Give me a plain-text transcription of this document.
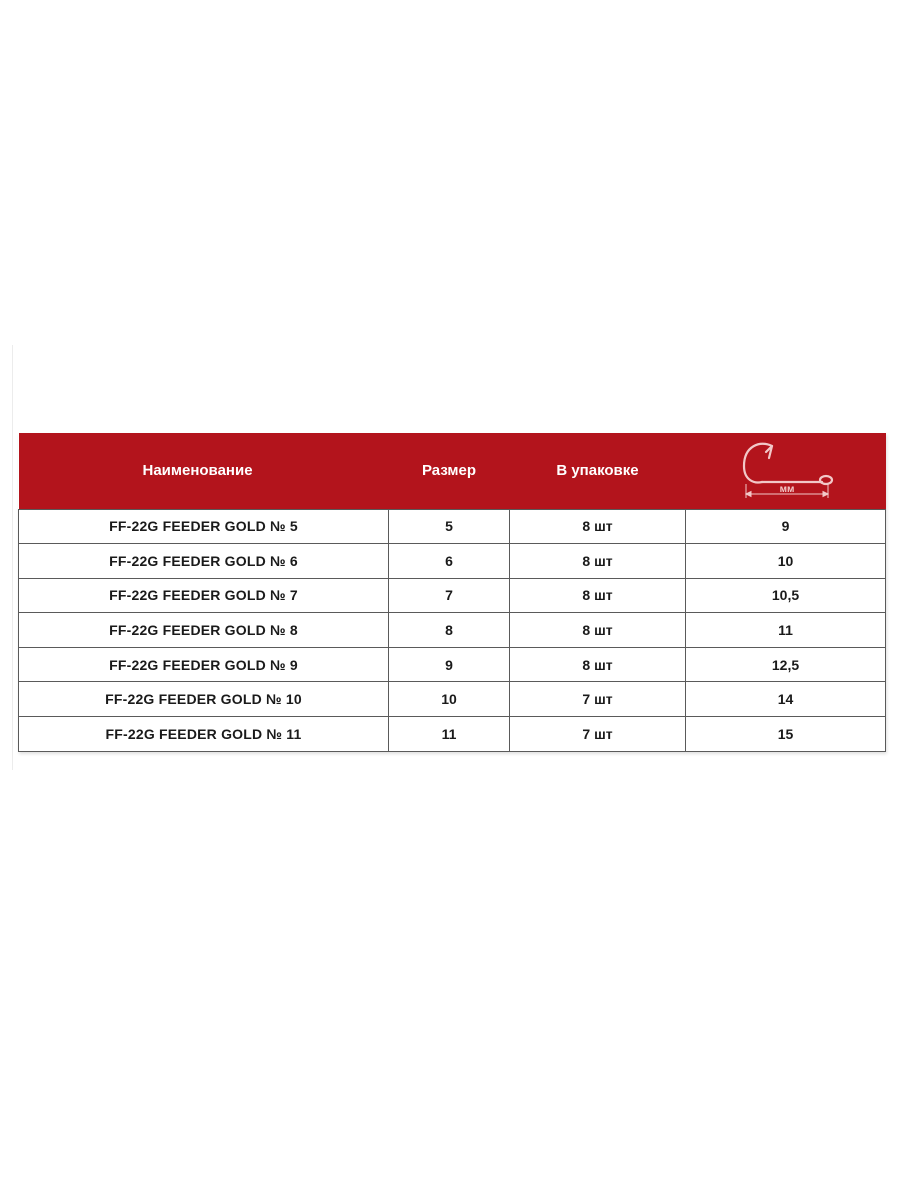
Наименование	Размер	В упаковке	мм

FF-22G FEEDER GOLD № 5	5	8 шт	9
FF-22G FEEDER GOLD № 6	6	8 шт	10
FF-22G FEEDER GOLD № 7	7	8 шт	10,5
FF-22G FEEDER GOLD № 8	8	8 шт	11
FF-22G FEEDER GOLD № 9	9	8 шт	12,5
FF-22G FEEDER GOLD № 10	10	7 шт	14
FF-22G FEEDER GOLD № 11	11	7 шт	15
